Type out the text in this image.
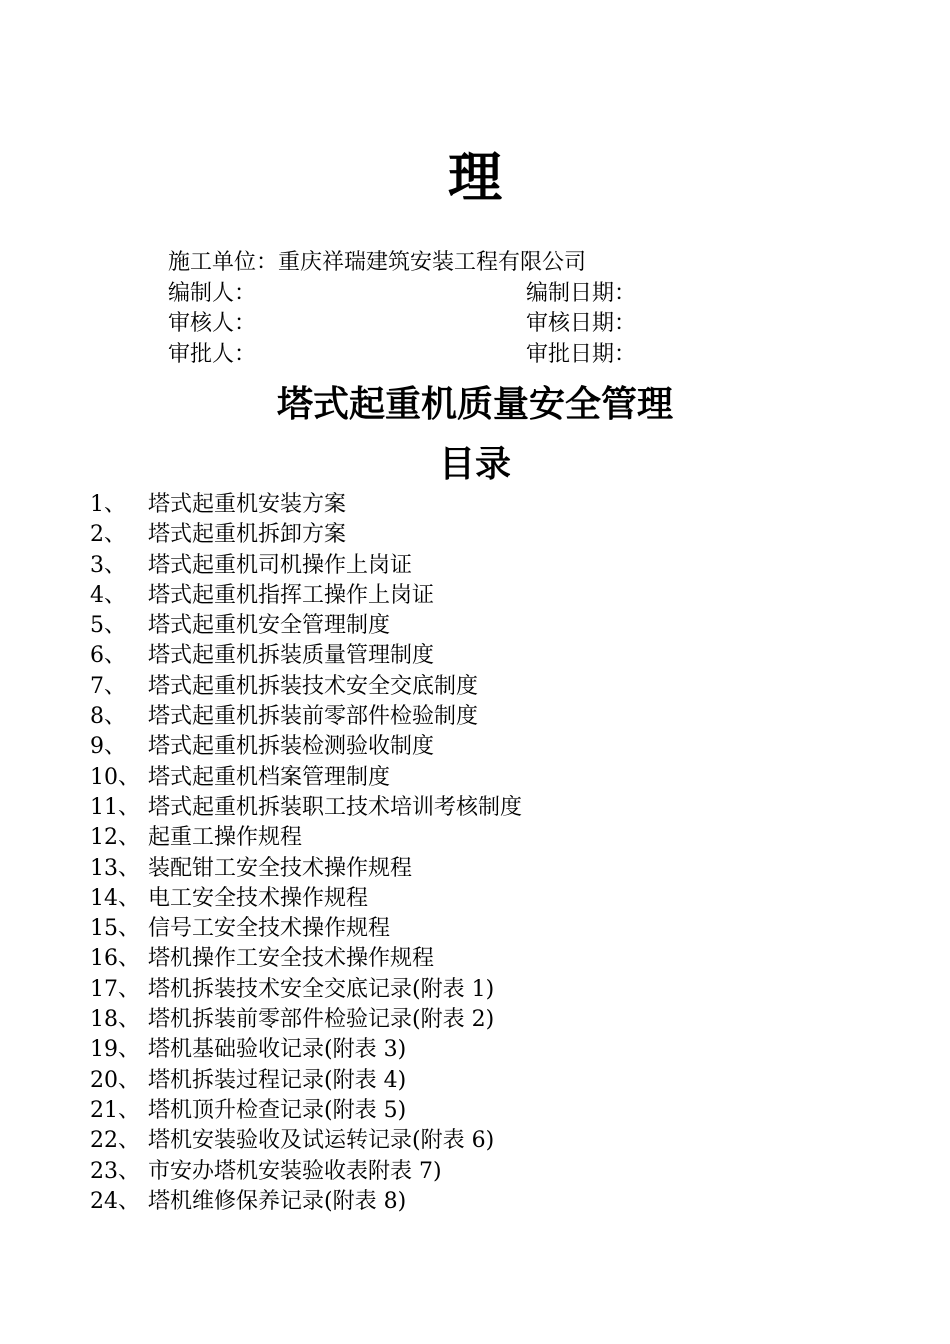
理
施工单位：重庆祥瑞建筑安装工程有限公司
编制人：	编制日期：
审核人：	审核日期：
审批人：	审批日期：
塔式起重机质量安全管理
目录
1、 塔式起重机安装方案
2、 塔式起重机拆卸方案
3、 塔式起重机司机操作上岗证
4、 塔式起重机指挥工操作上岗证
5、 塔式起重机安全管理制度
6、 塔式起重机拆装质量管理制度
7、 塔式起重机拆装技术安全交底制度
8、 塔式起重机拆装前零部件检验制度
9、 塔式起重机拆装检测验收制度
10、 塔式起重机档案管理制度
11、 塔式起重机拆装职工技术培训考核制度
12、 起重工操作规程
13、 装配钳工安全技术操作规程
14、 电工安全技术操作规程
15、 信号工安全技术操作规程
16、 塔机操作工安全技术操作规程
17、 塔机拆装技术安全交底记录(附表 1)
18、 塔机拆装前零部件检验记录(附表 2)
19、 塔机基础验收记录(附表 3)
20、 塔机拆装过程记录(附表 4)
21、 塔机顶升检查记录(附表 5)
22、 塔机安装验收及试运转记录(附表 6)
23、 市安办塔机安装验收表附表 7)
24、 塔机维修保养记录(附表 8)
